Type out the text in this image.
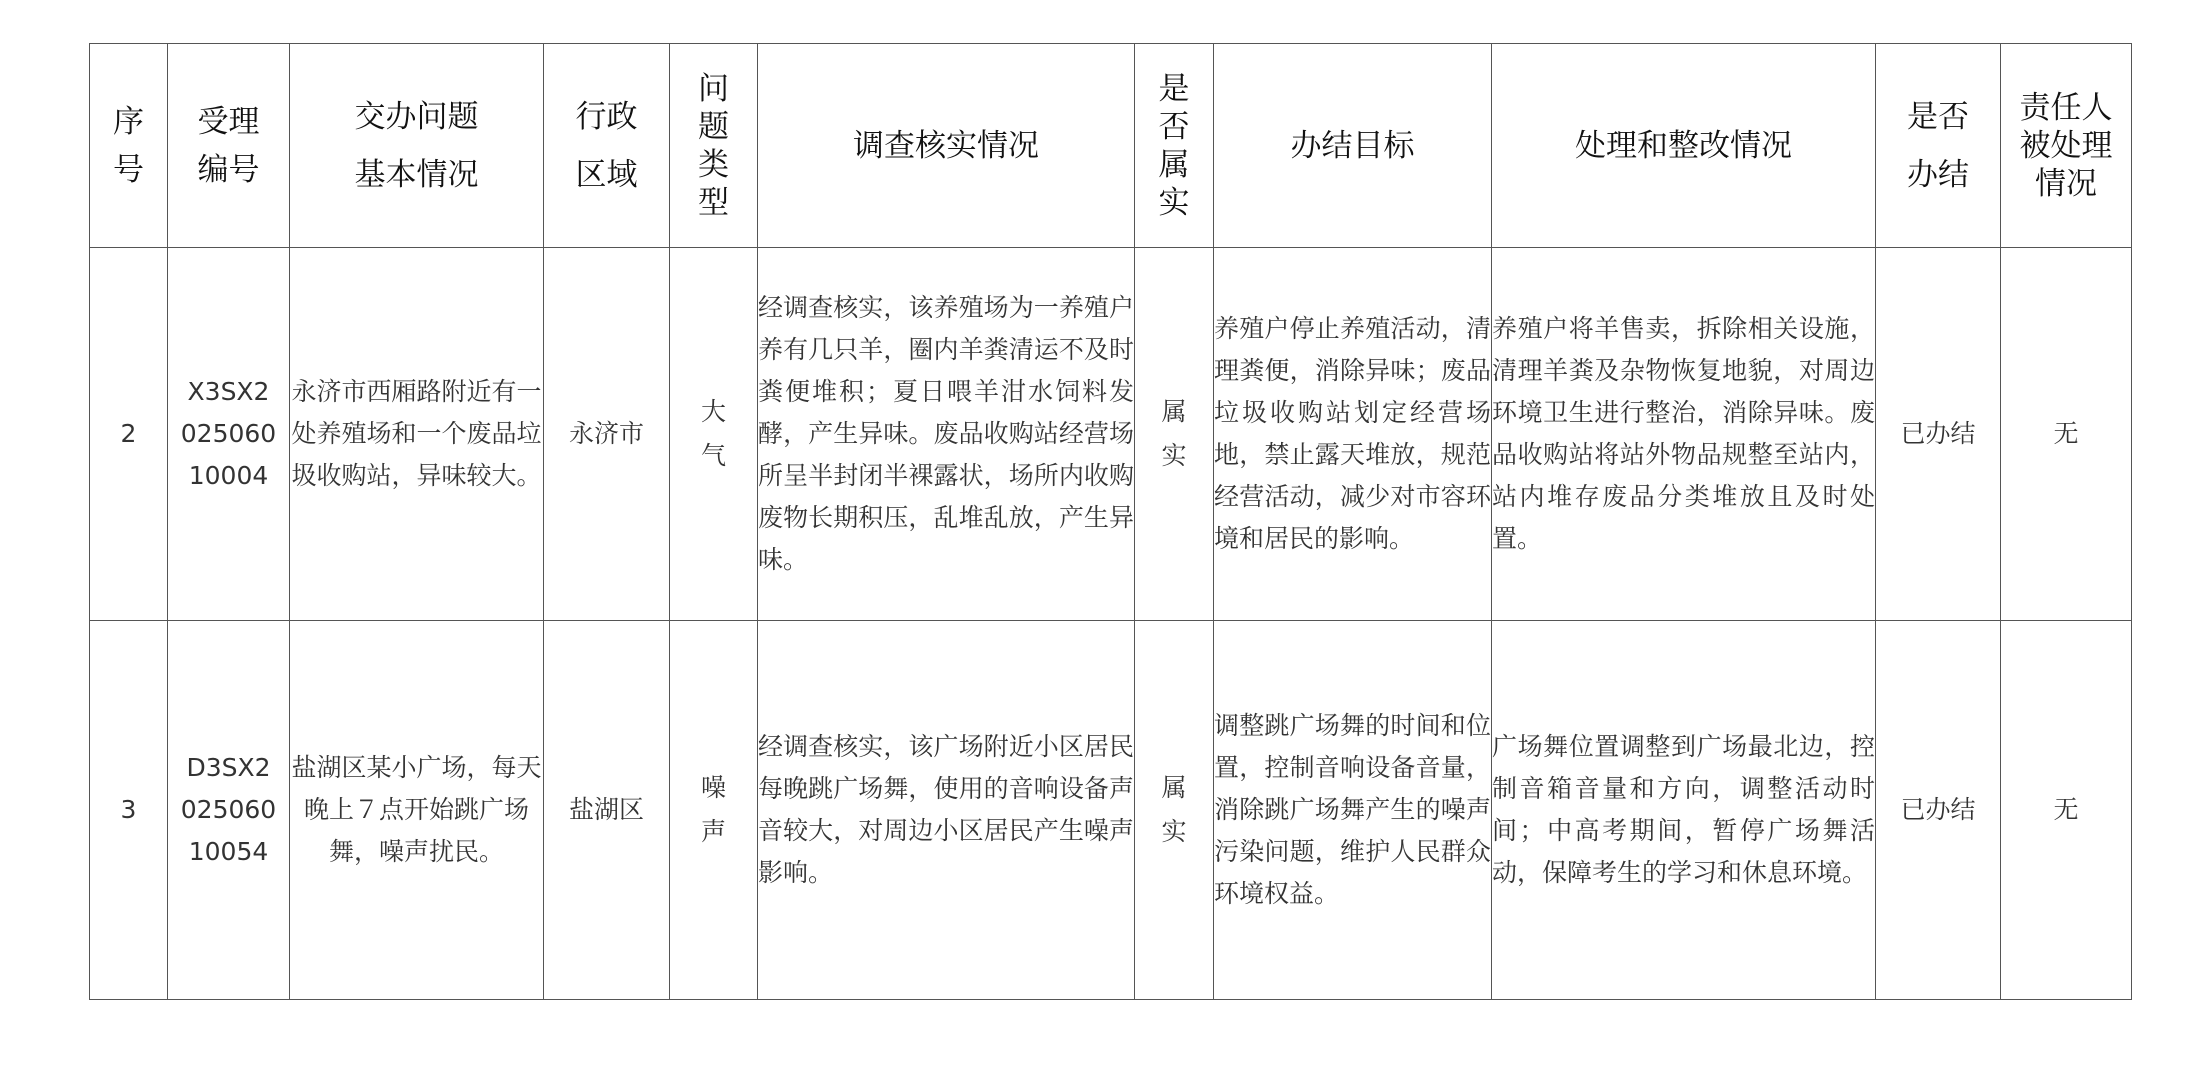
序
号	受理
编号	交办问题
基本情况	行政
区域	问
题
类
型	调查核实情况	是
否
属
实	办结目标	处理和整改情况	是否
办结	责任人
被处理
情况

2	X3SX2
025060
10004	永济市西厢路附近有一处养殖场和一个废品垃圾收购站，异味较大。	永济市	大
气	经调查核实，该养殖场为一养殖户养有几只羊，圈内羊粪清运不及时粪便堆积；夏日喂羊泔水饲料发酵，产生异味。废品收购站经营场所呈半封闭半裸露状，场所内收购废物长期积压，乱堆乱放，产生异味。	属
实	养殖户停止养殖活动，清理粪便，消除异味；废品垃圾收购站划定经营场地，禁止露天堆放，规范经营活动，减少对市容环境和居民的影响。	养殖户将羊售卖，拆除相关设施，清理羊粪及杂物恢复地貌，对周边环境卫生进行整治，消除异味。废品收购站将站外物品规整至站内，站内堆存废品分类堆放且及时处置。	已办结	无
3	D3SX2
025060
10054	盐湖区某小广场，每天晚上７点开始跳广场舞，噪声扰民。	盐湖区	噪
声	经调查核实，该广场附近小区居民每晚跳广场舞，使用的音响设备声音较大，对周边小区居民产生噪声影响。	属
实	调整跳广场舞的时间和位置，控制音响设备音量，消除跳广场舞产生的噪声污染问题，维护人民群众环境权益。	广场舞位置调整到广场最北边，控制音箱音量和方向，调整活动时间；中高考期间，暂停广场舞活动，保障考生的学习和休息环境。	已办结	无
